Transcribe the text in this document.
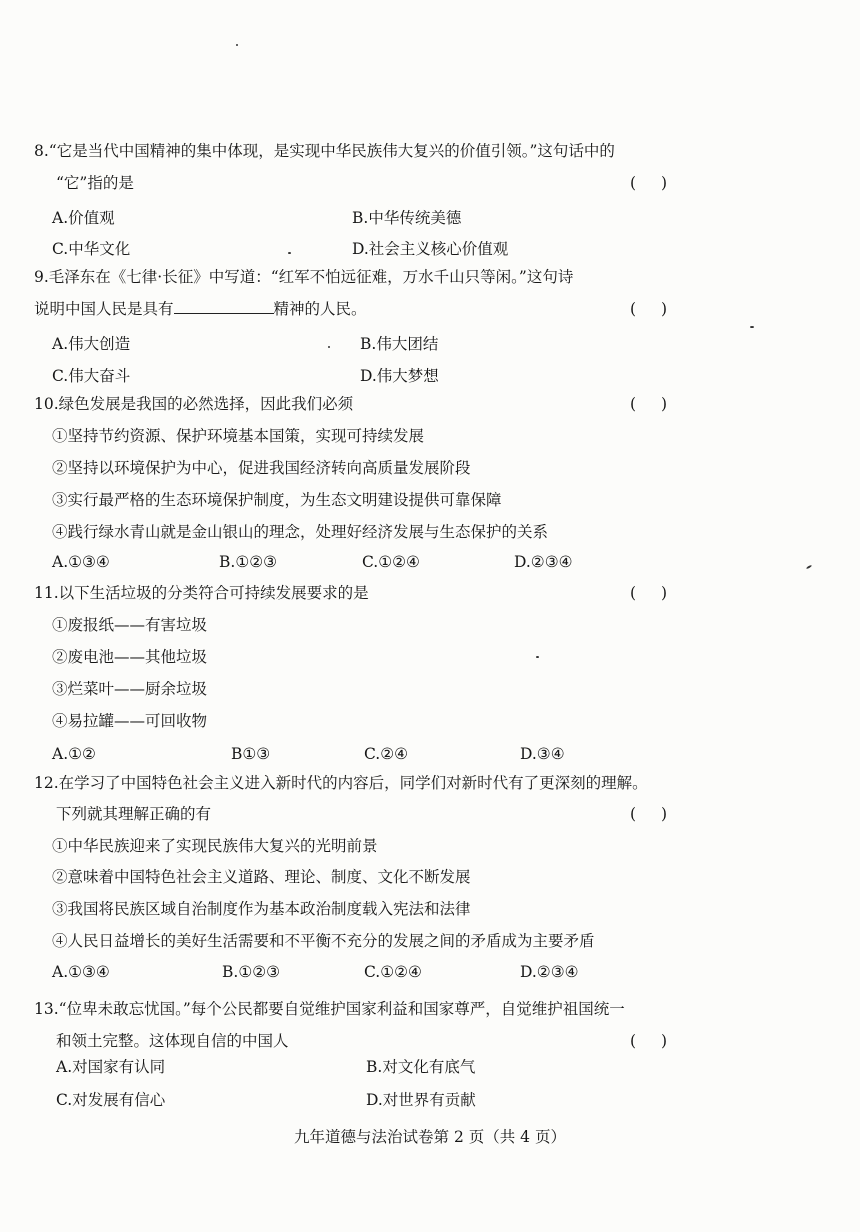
8.“它是当代中国精神的集中体现，是实现中华民族伟大复兴的价值引领。”这句话中的
“它”指的是	( )
A.价值观	B.中华传统美德
C.中华文化	D.社会主义核心价值观
9.毛泽东在《七律·长征》中写道：“红军不怕远征难，万水千山只等闲。”这句诗
说明中国人民是具有	精神的人民。	( )
A.伟大创造	B.伟大团结
C.伟大奋斗	D.伟大梦想
10.绿色发展是我国的必然选择，因此我们必须	( )
①坚持节约资源、保护环境基本国策，实现可持续发展
②坚持以环境保护为中心，促进我国经济转向高质量发展阶段
③实行最严格的生态环境保护制度，为生态文明建设提供可靠保障
④践行绿水青山就是金山银山的理念，处理好经济发展与生态保护的关系
A.①③④	B.①②③	C.①②④	D.②③④
11.以下生活垃圾的分类符合可持续发展要求的是	( )
①废报纸——有害垃圾
②废电池——其他垃圾
③烂菜叶——厨余垃圾
④易拉罐——可回收物
A.①②	B①③	C.②④	D.③④
12.在学习了中国特色社会主义进入新时代的内容后，同学们对新时代有了更深刻的理解。
下列就其理解正确的有	( )
①中华民族迎来了实现民族伟大复兴的光明前景
②意味着中国特色社会主义道路、理论、制度、文化不断发展
③我国将民族区域自治制度作为基本政治制度载入宪法和法律
④人民日益增长的美好生活需要和不平衡不充分的发展之间的矛盾成为主要矛盾
A.①③④	B.①②③	C.①②④	D.②③④
13.“位卑未敢忘忧国。”每个公民都要自觉维护国家利益和国家尊严，自觉维护祖国统一
和领土完整。这体现自信的中国人	( )
A.对国家有认同	B.对文化有底气
C.对发展有信心	D.对世界有贡献
九年道德与法治试卷第 2 页（共 4 页）
